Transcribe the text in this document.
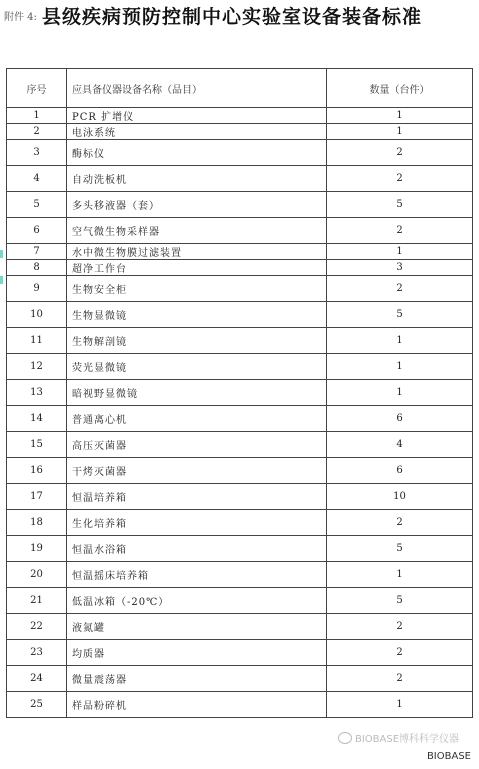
附件 4: 县级疾病预防控制中心实验室设备装备标准
序号	应具备仪器设备名称（品目）	数量（台件）
1	PCR 扩增仪	1
2	电泳系统	1
3	酶标仪	2
4	自动洗板机	2
5	多头移液器（套）	5
6	空气微生物采样器	2
7	水中微生物膜过滤装置	1
8	超净工作台	3
9	生物安全柜	2
10	生物显微镜	5
11	生物解剖镜	1
12	荧光显微镜	1
13	暗视野显微镜	1
14	普通离心机	6
15	高压灭菌器	4
16	干烤灭菌器	6
17	恒温培养箱	10
18	生化培养箱	2
19	恒温水浴箱	5
20	恒温摇床培养箱	1
21	低温冰箱（-20℃）	5
22	液氮罐	2
23	均质器	2
24	微量震荡器	2
25	样品粉碎机	1
BIOBASE博科科学仪器
BIOBASE
